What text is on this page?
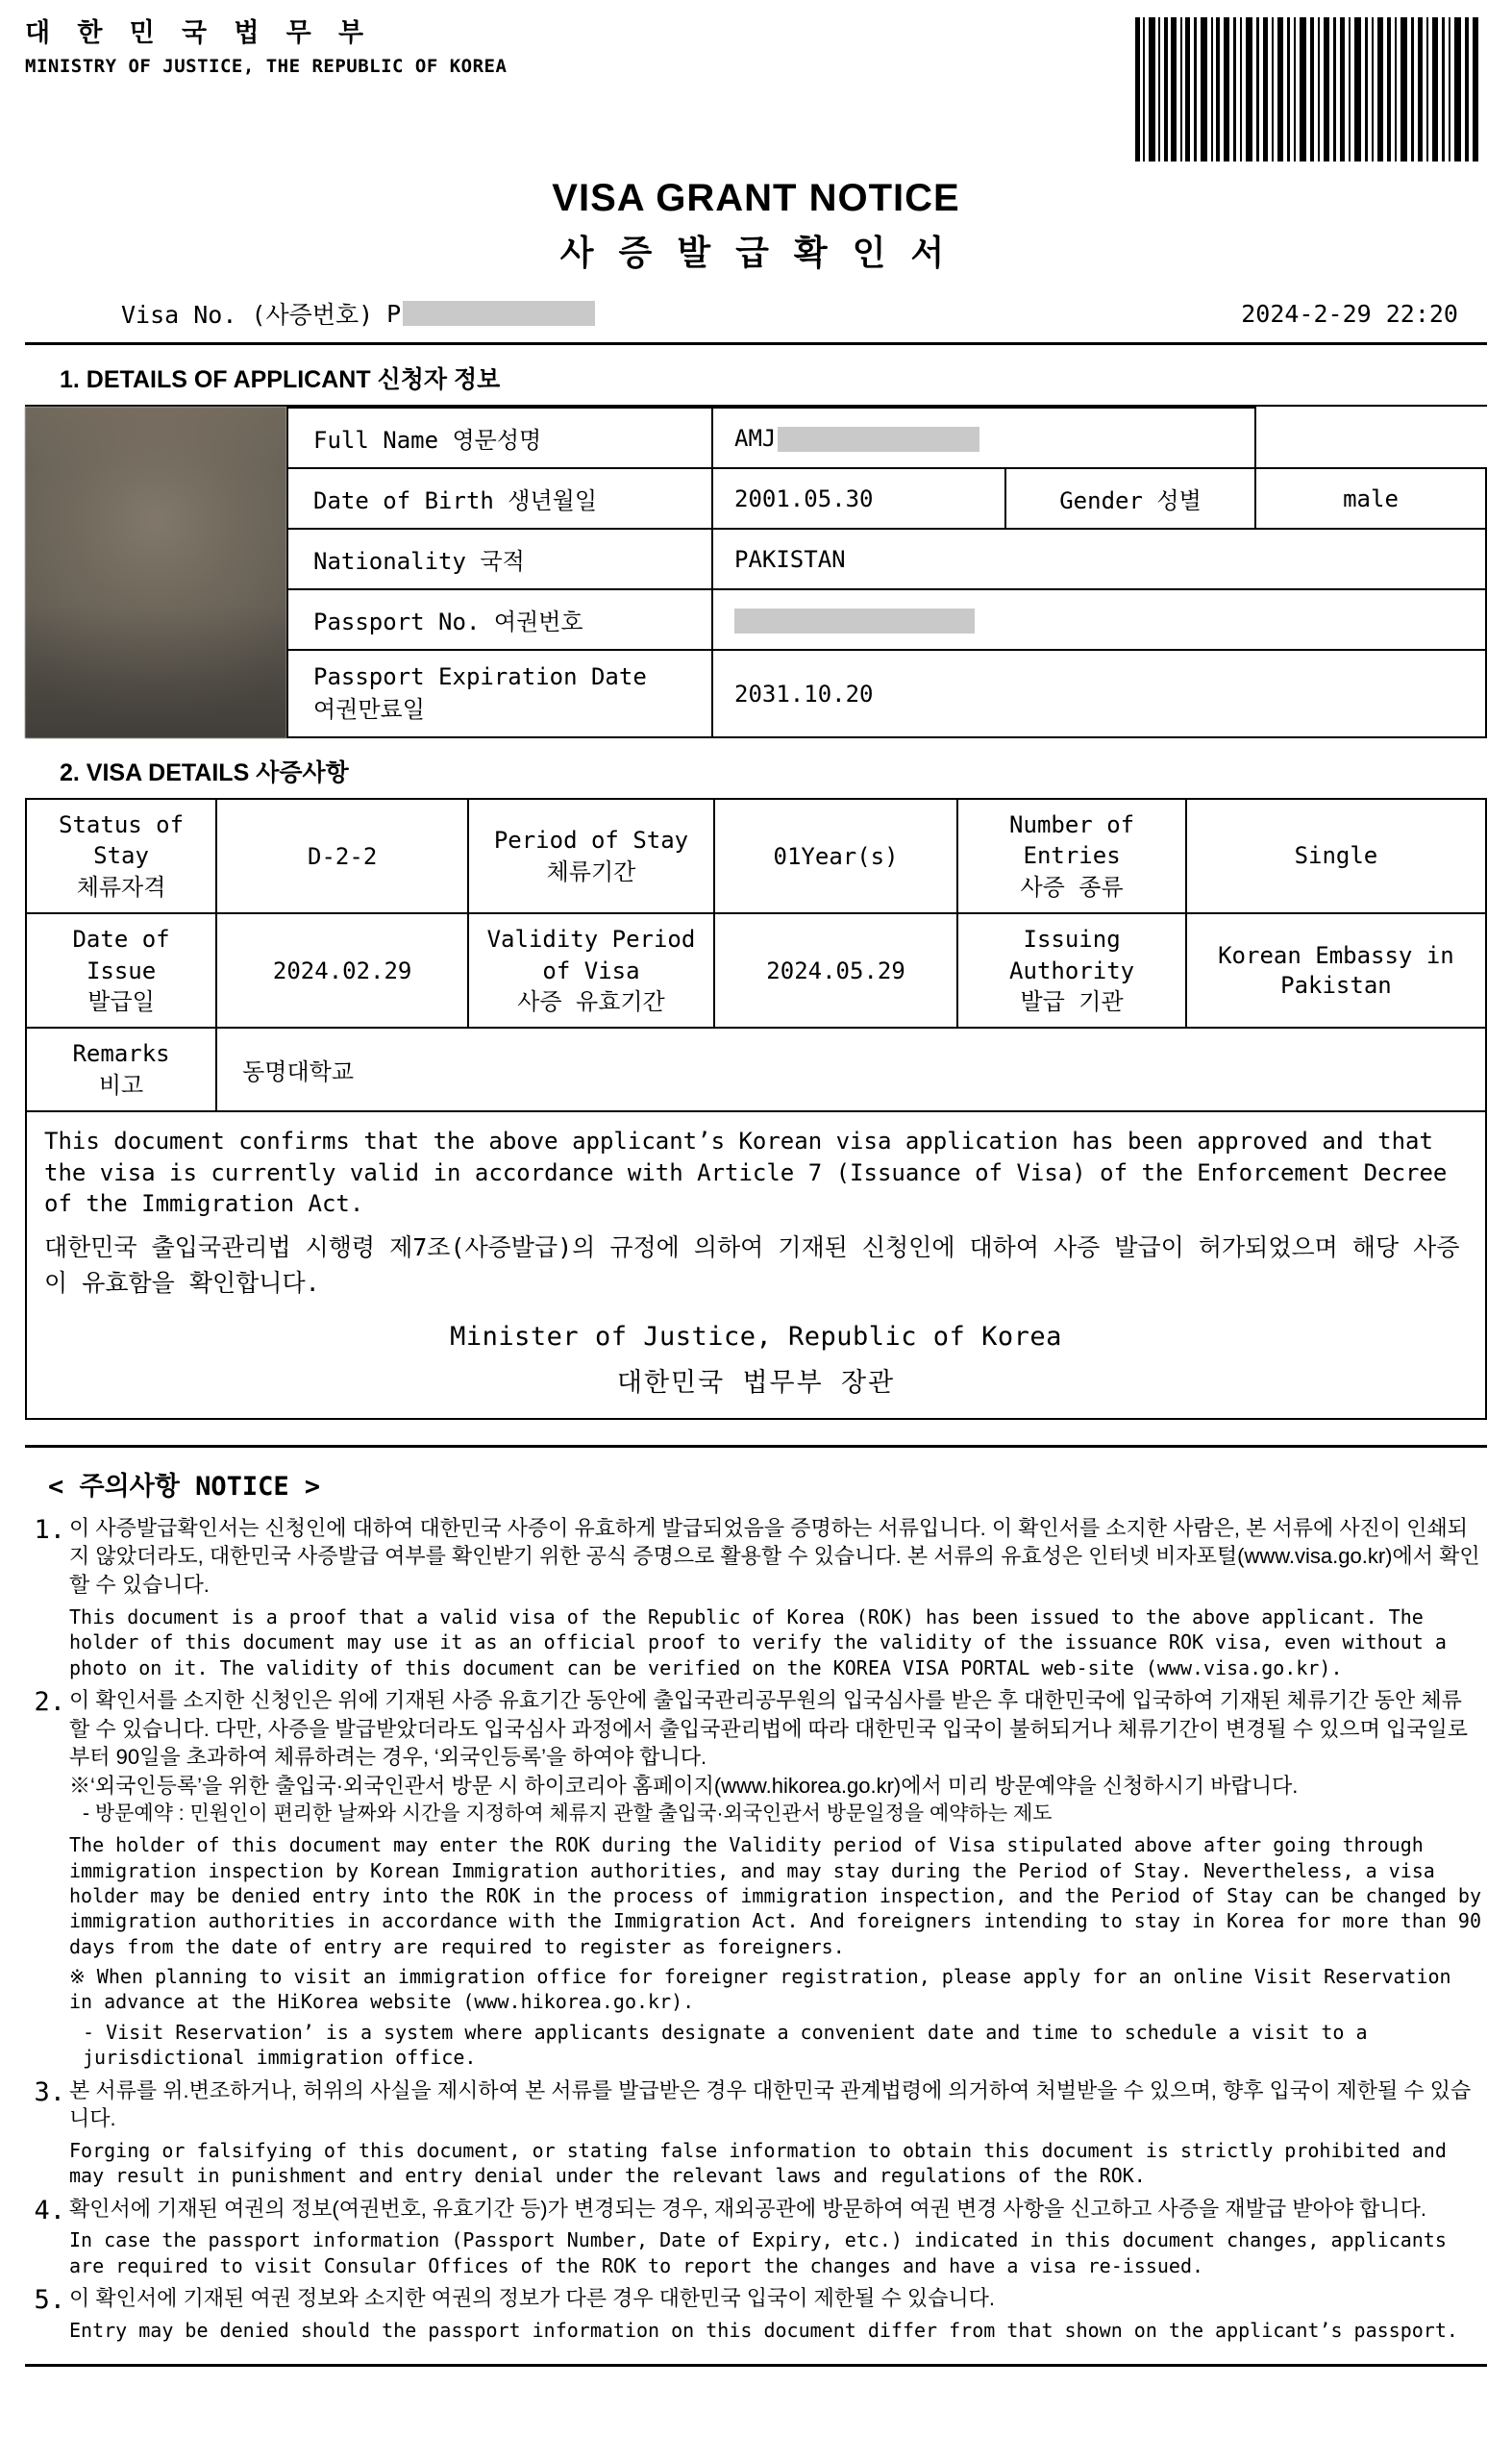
대 한 민 국 법 무 부
MINISTRY OF JUSTICE, THE REPUBLIC OF KOREA
VISA GRANT NOTICE
사 증 발 급 확 인 서
Visa No. (사증번호) P	2024-2-29 22:20
1. DETAILS OF APPLICANT 신청자 정보
Full Name 영문성명	AMJ		
Date of Birth 생년월일	2001.05.30	Gender 성별	male
Nationality 국적	PAKISTAN		
Passport No. 여권번호			

Passport Expiration Date
여권만료일	2031.10.20		
2. VISA DETAILS 사증사항
Status of Stay
체류자격
	D-2-2	
Period of Stay
체류기간
	01Year(s)	
Number of
Entries
사증 종류
	Single

Date of Issue
발급일
	2024.02.29	
Validity Period
of Visa
사증 유효기간
	2024.05.29	
Issuing
Authority
발급 기관
	Korean Embassy in Pakistan

Remarks
비고	동명대학교				

This document confirms that the above applicant’s Korean visa application has been approved and that the visa is currently valid in accordance with Article 7 (Issuance of Visa) of the Enforcement Decree of the Immigration Act.

대한민국 출입국관리법 시행령 제7조(사증발급)의 규정에 의하여 기재된 신청인에 대하여 사증 발급이 허가되었으며 해당 사증이 유효함을 확인합니다.

Minister of Justice, Republic of Korea
대한민국 법무부 장관
< 주의사항 NOTICE >
1. 이 사증발급확인서는 신청인에 대하여 대한민국 사증이 유효하게 발급되었음을 증명하는 서류입니다. 이 확인서를 소지한 사람은, 본 서류에 사진이 인쇄되지 않았더라도, 대한민국 사증발급 여부를 확인받기 위한 공식 증명으로 활용할 수 있습니다. 본 서류의 유효성은 인터넷 비자포털(www.visa.go.kr)에서 확인할 수 있습니다.
This document is a proof that a valid visa of the Republic of Korea (ROK) has been issued to the above applicant. The holder of this document may use it as an official proof to verify the validity of the issuance ROK visa, even without a photo on it. The validity of this document can be verified on the KOREA VISA PORTAL web-site (www.visa.go.kr).
2. 이 확인서를 소지한 신청인은 위에 기재된 사증 유효기간 동안에 출입국관리공무원의 입국심사를 받은 후 대한민국에 입국하여 기재된 체류기간 동안 체류할 수 있습니다. 다만, 사증을 발급받았더라도 입국심사 과정에서 출입국관리법에 따라 대한민국 입국이 불허되거나 체류기간이 변경될 수 있으며 입국일로부터 90일을 초과하여 체류하려는 경우, ‘외국인등록’을 하여야 합니다.
※‘외국인등록’을 위한 출입국·외국인관서 방문 시 하이코리아 홈페이지(www.hikorea.go.kr)에서 미리 방문예약을 신청하시기 바랍니다.
- 방문예약 : 민원인이 편리한 날짜와 시간을 지정하여 체류지 관할 출입국·외국인관서 방문일정을 예약하는 제도
The holder of this document may enter the ROK during the Validity period of Visa stipulated above after going through immigration inspection by Korean Immigration authorities, and may stay during the Period of Stay. Nevertheless, a visa holder may be denied entry into the ROK in the process of immigration inspection, and the Period of Stay can be changed by immigration authorities in accordance with the Immigration Act. And foreigners intending to stay in Korea for more than 90 days from the date of entry are required to register as foreigners.
※ When planning to visit an immigration office for foreigner registration, please apply for an online Visit Reservation in advance at the HiKorea website (www.hikorea.go.kr).
- Visit Reservation’ is a system where applicants designate a convenient date and time to schedule a visit to a jurisdictional immigration office.
3. 본 서류를 위.변조하거나, 허위의 사실을 제시하여 본 서류를 발급받은 경우 대한민국 관계법령에 의거하여 처벌받을 수 있으며, 향후 입국이 제한될 수 있습니다.
Forging or falsifying of this document, or stating false information to obtain this document is strictly prohibited and may result in punishment and entry denial under the relevant laws and regulations of the ROK.
4. 확인서에 기재된 여권의 정보(여권번호, 유효기간 등)가 변경되는 경우, 재외공관에 방문하여 여권 변경 사항을 신고하고 사증을 재발급 받아야 합니다.
In case the passport information (Passport Number, Date of Expiry, etc.) indicated in this document changes, applicants are required to visit Consular Offices of the ROK to report the changes and have a visa re-issued.
5. 이 확인서에 기재된 여권 정보와 소지한 여권의 정보가 다른 경우 대한민국 입국이 제한될 수 있습니다.
Entry may be denied should the passport information on this document differ from that shown on the applicant’s passport.
